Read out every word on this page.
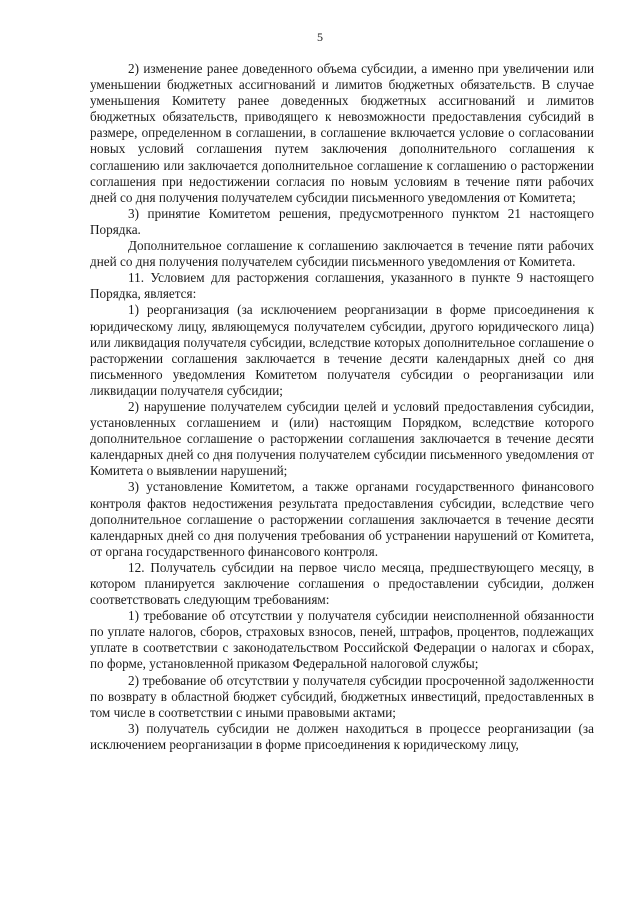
5

2) изменение ранее доведенного объема субсидии, а именно при увеличении или уменьшении бюджетных ассигнований и лимитов бюджетных обязательств. В случае уменьшения Комитету ранее доведенных бюджетных ассигнований и лимитов бюджетных обязательств, приводящего к невозможности предоставления субсидий в размере, определенном в соглашении, в соглашение включается условие о согласовании новых условий соглашения путем заключения дополнительного соглашения к соглашению или заключается дополнительное соглашение к соглашению о расторжении соглашения при недостижении согласия по новым условиям в течение пяти рабочих дней со дня получения получателем субсидии письменного уведомления от Комитета;

3) принятие Комитетом решения, предусмотренного пунктом 21 настоящего Порядка.

Дополнительное соглашение к соглашению заключается в течение пяти рабочих дней со дня получения получателем субсидии письменного уведомления от Комитета.

11. Условием для расторжения соглашения, указанного в пункте 9 настоящего Порядка, является:

1) реорганизация (за исключением реорганизации в форме присоединения к юридическому лицу, являющемуся получателем субсидии, другого юридического лица) или ликвидация получателя субсидии, вследствие которых дополнительное соглашение о расторжении соглашения заключается в течение десяти календарных дней со дня письменного уведомления Комитетом получателя субсидии о реорганизации или ликвидации получателя субсидии;

2) нарушение получателем субсидии целей и условий предоставления субсидии, установленных соглашением и (или) настоящим Порядком, вследствие которого дополнительное соглашение о расторжении соглашения заключается в течение десяти календарных дней со дня получения получателем субсидии письменного уведомления от Комитета о выявлении нарушений;

3) установление Комитетом, а также органами государственного финансового контроля фактов недостижения результата предоставления субсидии, вследствие чего дополнительное соглашение о расторжении соглашения заключается в течение десяти календарных дней со дня получения требования об устранении нарушений от Комитета, от органа государственного финансового контроля.

12. Получатель субсидии на первое число месяца, предшествующего месяцу, в котором планируется заключение соглашения о предоставлении субсидии, должен соответствовать следующим требованиям:

1) требование об отсутствии у получателя субсидии неисполненной обязанности по уплате налогов, сборов, страховых взносов, пеней, штрафов, процентов, подлежащих уплате в соответствии с законодательством Российской Федерации о налогах и сборах, по форме, установленной приказом Федеральной налоговой службы;

2) требование об отсутствии у получателя субсидии просроченной задолженности по возврату в областной бюджет субсидий, бюджетных инвестиций, предоставленных в том числе в соответствии с иными правовыми актами;

3) получатель субсидии не должен находиться в процессе реорганизации (за исключением реорганизации в форме присоединения к юридическому лицу,
